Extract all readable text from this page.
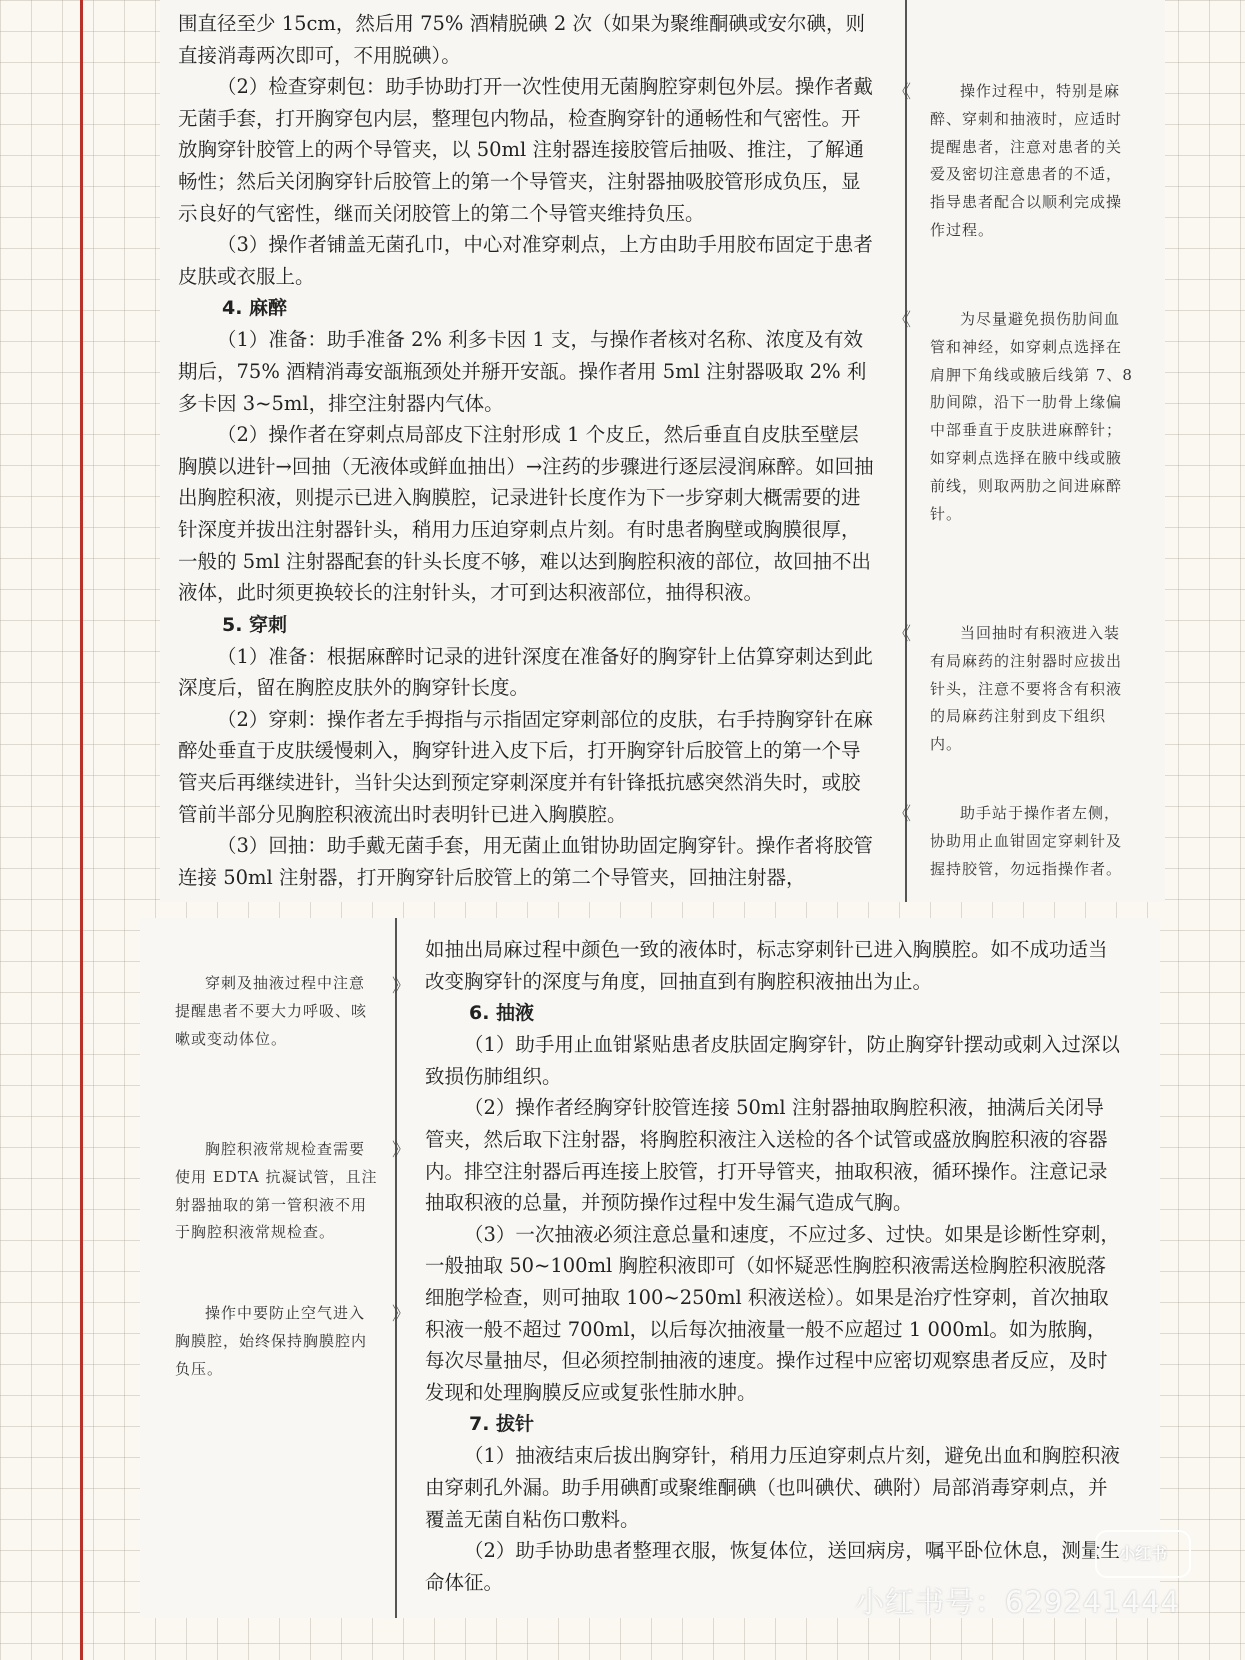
围直径至少 15cm，然后用 75% 酒精脱碘 2 次（如果为聚维酮碘或安尔碘，则直接消毒两次即可，不用脱碘）。

（2）检查穿刺包：助手协助打开一次性使用无菌胸腔穿刺包外层。操作者戴无菌手套，打开胸穿包内层，整理包内物品，检查胸穿针的通畅性和气密性。开放胸穿针胶管上的两个导管夹，以 50ml 注射器连接胶管后抽吸、推注，了解通畅性；然后关闭胸穿针后胶管上的第一个导管夹，注射器抽吸胶管形成负压，显示良好的气密性，继而关闭胶管上的第二个导管夹维持负压。

（3）操作者铺盖无菌孔巾，中心对准穿刺点，上方由助手用胶布固定于患者皮肤或衣服上。

4. 麻醉

（1）准备：助手准备 2% 利多卡因 1 支，与操作者核对名称、浓度及有效期后，75% 酒精消毒安瓿瓶颈处并掰开安瓿。操作者用 5ml 注射器吸取 2% 利多卡因 3~5ml，排空注射器内气体。

（2）操作者在穿刺点局部皮下注射形成 1 个皮丘，然后垂直自皮肤至壁层胸膜以进针→回抽（无液体或鲜血抽出）→注药的步骤进行逐层浸润麻醉。如回抽出胸腔积液，则提示已进入胸膜腔，记录进针长度作为下一步穿刺大概需要的进针深度并拔出注射器针头，稍用力压迫穿刺点片刻。有时患者胸壁或胸膜很厚，一般的 5ml 注射器配套的针头长度不够，难以达到胸腔积液的部位，故回抽不出液体，此时须更换较长的注射针头，才可到达积液部位，抽得积液。

5. 穿刺

（1）准备：根据麻醉时记录的进针深度在准备好的胸穿针上估算穿刺达到此深度后，留在胸腔皮肤外的胸穿针长度。

（2）穿刺：操作者左手拇指与示指固定穿刺部位的皮肤，右手持胸穿针在麻醉处垂直于皮肤缓慢刺入，胸穿针进入皮下后，打开胸穿针后胶管上的第一个导管夹后再继续进针，当针尖达到预定穿刺深度并有针锋抵抗感突然消失时，或胶管前半部分见胸腔积液流出时表明针已进入胸膜腔。

（3）回抽：助手戴无菌手套，用无菌止血钳协助固定胸穿针。操作者将胶管连接 50ml 注射器，打开胸穿针后胶管上的第二个导管夹，回抽注射器，

《	操作过程中，特别是麻醉、穿刺和抽液时，应适时提醒患者，注意对患者的关爱及密切注意患者的不适，指导患者配合以顺利完成操作过程。
《	为尽量避免损伤肋间血管和神经，如穿刺点选择在肩胛下角线或腋后线第 7、8 肋间隙，沿下一肋骨上缘偏中部垂直于皮肤进麻醉针；如穿刺点选择在腋中线或腋前线，则取两肋之间进麻醉针。
《	当回抽时有积液进入装有局麻药的注射器时应拔出针头，注意不要将含有积液的局麻药注射到皮下组织内。
《	助手站于操作者左侧，协助用止血钳固定穿刺针及握持胶管，勿远指操作者。

如抽出局麻过程中颜色一致的液体时，标志穿刺针已进入胸膜腔。如不成功适当改变胸穿针的深度与角度，回抽直到有胸腔积液抽出为止。

6. 抽液

（1）助手用止血钳紧贴患者皮肤固定胸穿针，防止胸穿针摆动或刺入过深以致损伤肺组织。

（2）操作者经胸穿针胶管连接 50ml 注射器抽取胸腔积液，抽满后关闭导管夹，然后取下注射器，将胸腔积液注入送检的各个试管或盛放胸腔积液的容器内。排空注射器后再连接上胶管，打开导管夹，抽取积液，循环操作。注意记录抽取积液的总量，并预防操作过程中发生漏气造成气胸。

（3）一次抽液必须注意总量和速度，不应过多、过快。如果是诊断性穿刺，一般抽取 50~100ml 胸腔积液即可（如怀疑恶性胸腔积液需送检胸腔积液脱落细胞学检查，则可抽取 100~250ml 积液送检）。如果是治疗性穿刺，首次抽取积液一般不超过 700ml，以后每次抽液量一般不应超过 1 000ml。如为脓胸，每次尽量抽尽，但必须控制抽液的速度。操作过程中应密切观察患者反应，及时发现和处理胸膜反应或复张性肺水肿。

7. 拔针

（1）抽液结束后拔出胸穿针，稍用力压迫穿刺点片刻，避免出血和胸腔积液由穿刺孔外漏。助手用碘酊或聚维酮碘（也叫碘伏、碘附）局部消毒穿刺点，并覆盖无菌自粘伤口敷料。

（2）助手协助患者整理衣服，恢复体位，送回病房，嘱平卧位休息，测量生命体征。

》
穿刺及抽液过程中注意提醒患者不要大力呼吸、咳嗽或变动体位。
》
胸腔积液常规检查需要使用 EDTA 抗凝试管，且注射器抽取的第一管积液不用于胸腔积液常规检查。
》
操作中要防止空气进入胸膜腔，始终保持胸膜腔内负压。
小红书
小红书号：629241444
